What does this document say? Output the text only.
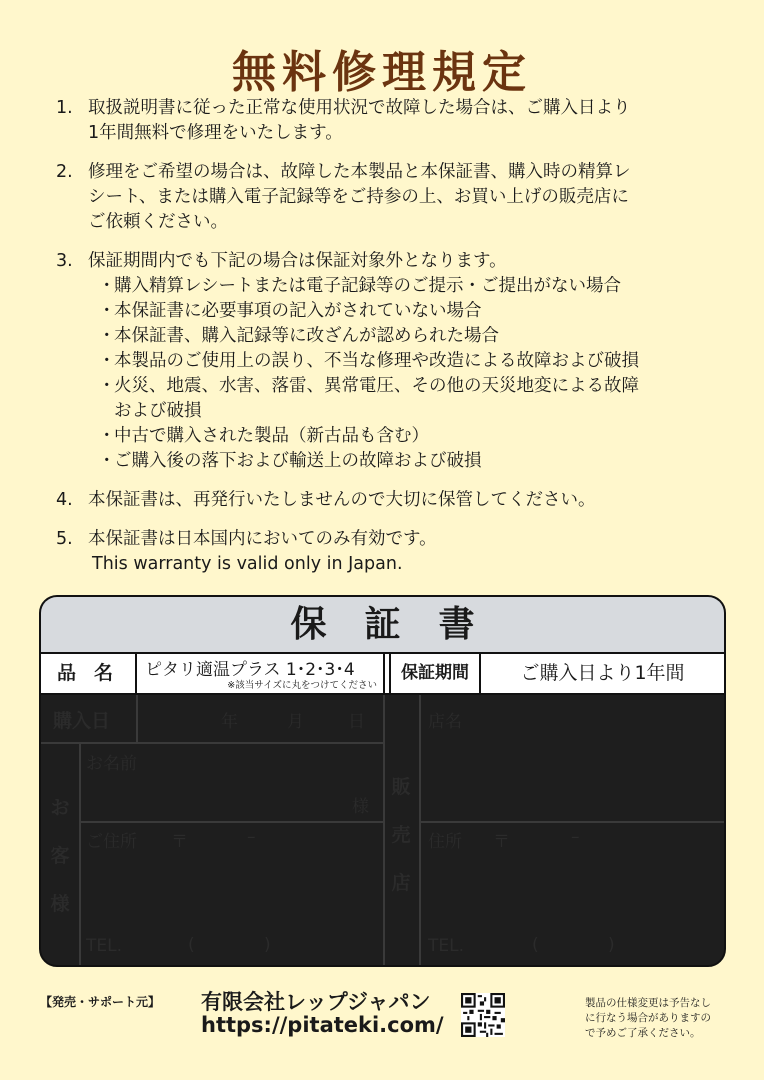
無料修理規定
1. 取扱説明書に従った正常な使用状況で故障した場合は、ご購入日より
1年間無料で修理をいたします。
2. 修理をご希望の場合は、故障した本製品と本保証書、購入時の精算レ
シート、または購入電子記録等をご持参の上、お買い上げの販売店に
ご依頼ください。
3. 保証期間内でも下記の場合は保証対象外となります。
・
購入精算レシートまたは電子記録等のご提示・ご提出がない場合
・
本保証書に必要事項の記入がされていない場合
・
本保証書、購入記録等に改ざんが認められた場合
・
本製品のご使用上の誤り、不当な修理や改造による故障および破損
・
火災、地震、水害、落雷、異常電圧、その他の天災地変による故障
および破損
・
中古で購入された製品（新古品も含む）
・
ご購入後の落下および輸送上の故障および破損
4. 本保証書は、再発行いたしませんので大切に保管してください。
5. 本保証書は日本国内においてのみ有効です。
This warranty is valid only in Japan.
保証書
品名 ピタリ適温プラス 1･2･3･4
※該当サイズに丸をつけてください
保証期間	ご購入日より1年間
購入日	年	月	日
お
客
様
お名前
様
ご住所 〒	–
TEL.	(	)
販
売
店
店名
住所 〒	–
TEL.	(	)
【発売・サポート元】 有限会社レップジャパン
https://pitateki.com/
製品の仕様変更は予告なし
に行なう場合がありますの
で予めご了承ください。
